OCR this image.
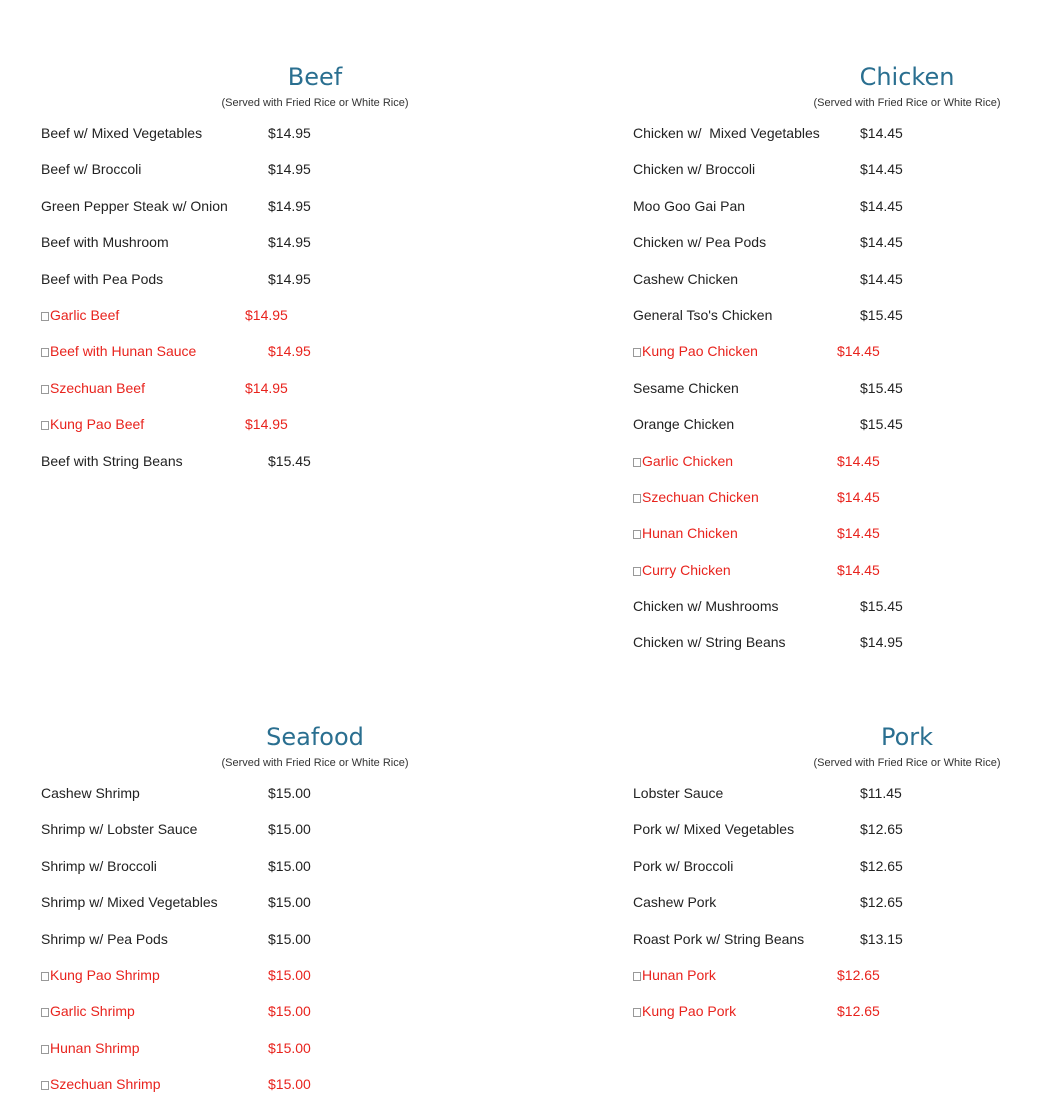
Beef
(Served with Fried Rice or White Rice)
Beef w/ Mixed Vegetables	$14.95
Beef w/ Broccoli	$14.95
Green Pepper Steak w/ Onion	$14.95
Beef with Mushroom	$14.95
Beef with Pea Pods	$14.95
Garlic Beef	$14.95
Beef with Hunan Sauce	$14.95
Szechuan Beef	$14.95
Kung Pao Beef	$14.95
Beef with String Beans	$15.45
Chicken
(Served with Fried Rice or White Rice)
Chicken w/  Mixed Vegetables	$14.45
Chicken w/ Broccoli	$14.45
Moo Goo Gai Pan	$14.45
Chicken w/ Pea Pods	$14.45
Cashew Chicken	$14.45
General Tso's Chicken	$15.45
Kung Pao Chicken	$14.45
Sesame Chicken	$15.45
Orange Chicken	$15.45
Garlic Chicken	$14.45
Szechuan Chicken	$14.45
Hunan Chicken	$14.45
Curry Chicken	$14.45
Chicken w/ Mushrooms	$15.45
Chicken w/ String Beans	$14.95
Seafood
(Served with Fried Rice or White Rice)
Cashew Shrimp	$15.00
Shrimp w/ Lobster Sauce	$15.00
Shrimp w/ Broccoli	$15.00
Shrimp w/ Mixed Vegetables	$15.00
Shrimp w/ Pea Pods	$15.00
Kung Pao Shrimp	$15.00
Garlic Shrimp	$15.00
Hunan Shrimp	$15.00
Szechuan Shrimp	$15.00
Pork
(Served with Fried Rice or White Rice)
Lobster Sauce	$11.45
Pork w/ Mixed Vegetables	$12.65
Pork w/ Broccoli	$12.65
Cashew Pork	$12.65
Roast Pork w/ String Beans	$13.15
Hunan Pork	$12.65
Kung Pao Pork	$12.65
